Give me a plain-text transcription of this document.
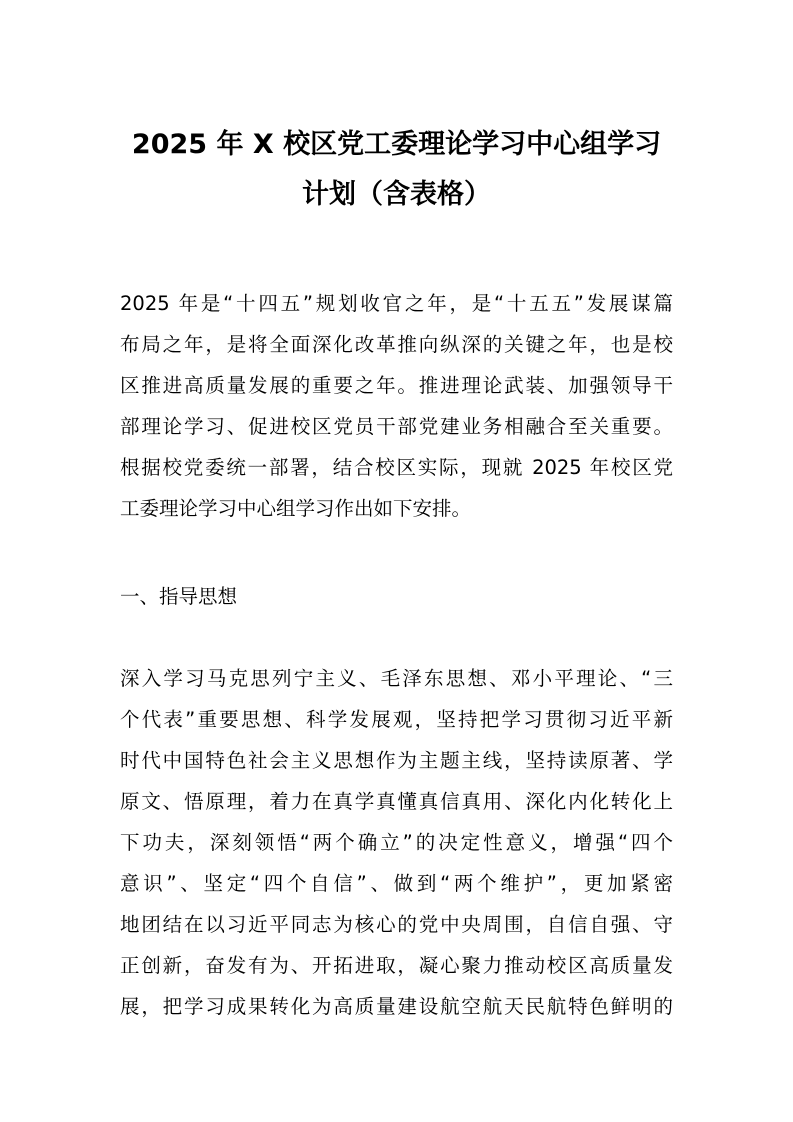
2025 年 X 校区党工委理论学习中心组学习
计划（含表格）
2025 年是“十四五”规划收官之年，是“十五五”发展谋篇
布局之年，是将全面深化改革推向纵深的关键之年，也是校
区推进高质量发展的重要之年。推进理论武装、加强领导干
部理论学习、促进校区党员干部党建业务相融合至关重要。
根据校党委统一部署，结合校区实际，现就 2025 年校区党
工委理论学习中心组学习作出如下安排。
一、指导思想
深入学习马克思列宁主义、毛泽东思想、邓小平理论、“三
个代表”重要思想、科学发展观，坚持把学习贯彻习近平新
时代中国特色社会主义思想作为主题主线，坚持读原著、学
原文、悟原理，着力在真学真懂真信真用、深化内化转化上
下功夫，深刻领悟“两个确立”的决定性意义，增强“四个
意识”、坚定“四个自信”、做到“两个维护”，更加紧密
地团结在以习近平同志为核心的党中央周围，自信自强、守
正创新，奋发有为、开拓进取，凝心聚力推动校区高质量发
展，把学习成果转化为高质量建设航空航天民航特色鲜明的
